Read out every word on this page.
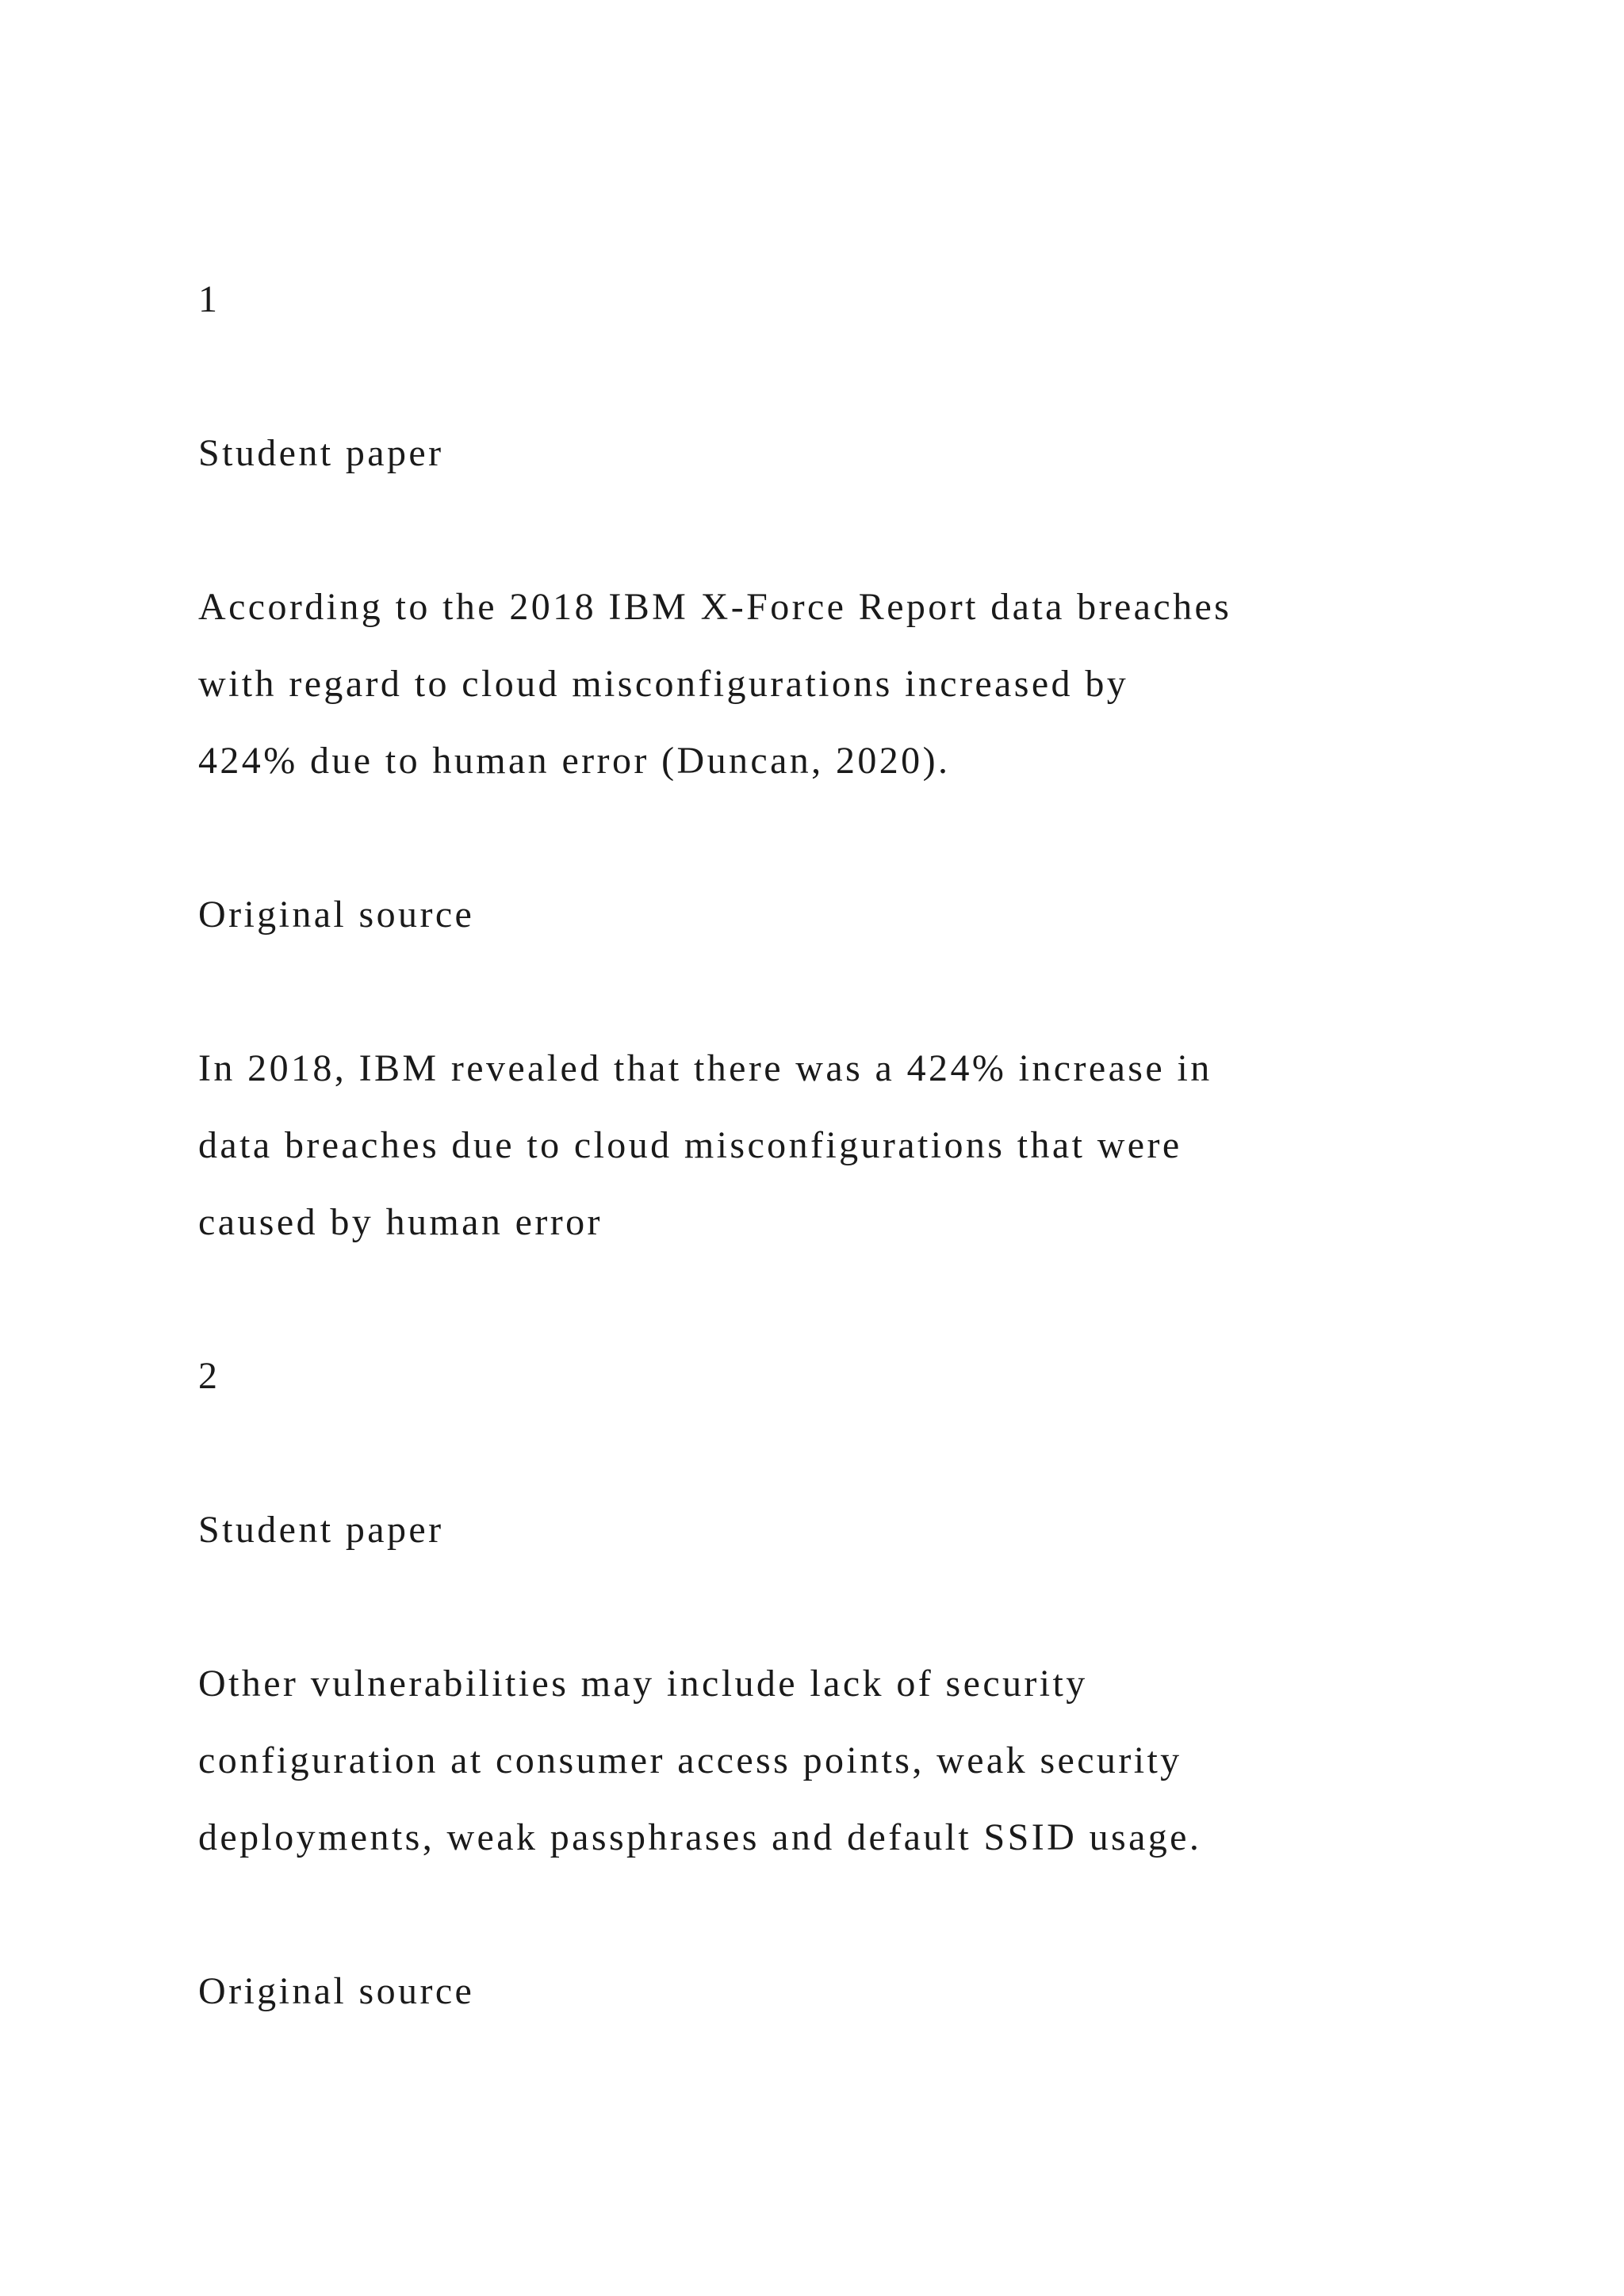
1

Student paper

According to the 2018 IBM X-Force Report data breaches

with regard to cloud misconfigurations increased by

424% due to human error (Duncan, 2020).

Original source

In 2018, IBM revealed that there was a 424% increase in

data breaches due to cloud misconfigurations that were

caused by human error

2

Student paper

Other vulnerabilities may include lack of security

configuration at consumer access points, weak security

deployments, weak passphrases and default SSID usage.

Original source
